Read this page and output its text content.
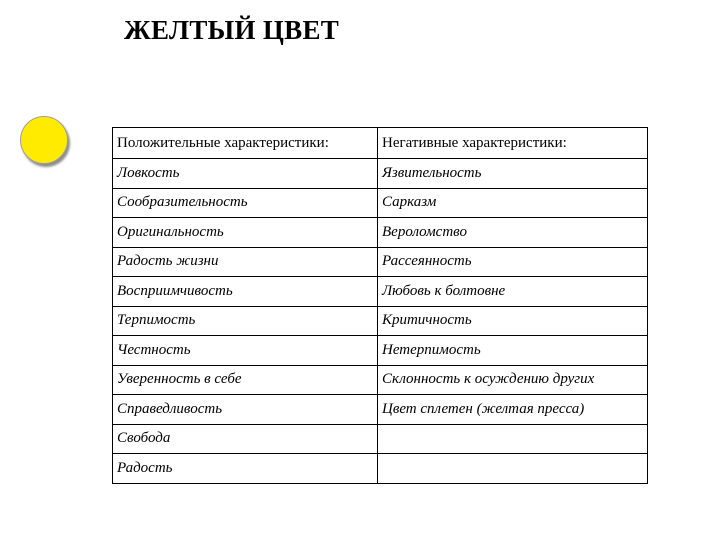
ЖЕЛТЫЙ ЦВЕТ
Положительные характеристики:	Негативные характеристики:
Ловкость	Язвительность
Сообразительность	Сарказм
Оригинальность	Вероломство
Радость жизни	Рассеянность
Восприимчивость	Любовь к болтовне
Терпимость	Критичность
Честность	Нетерпимость
Уверенность в себе	Склонность к осуждению других
Справедливость	Цвет сплетен (желтая пресса)
Свобода	
Радость	
